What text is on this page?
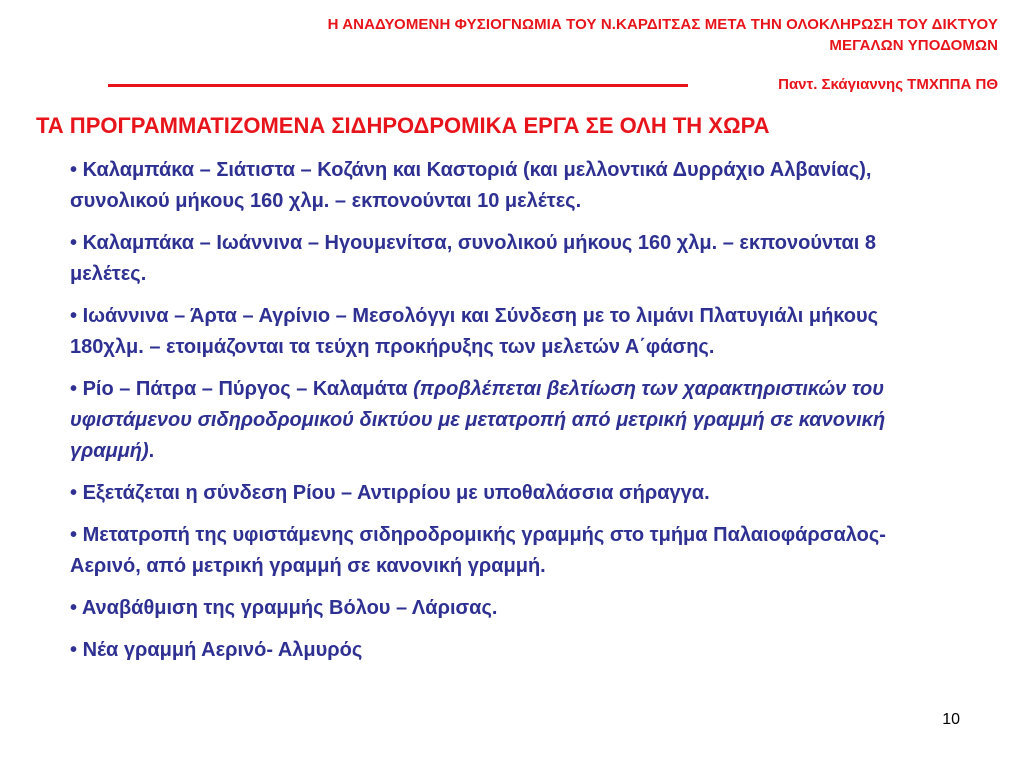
Η ΑΝΑΔΥΟΜΕΝΗ ΦΥΣΙΟΓΝΩΜΙΑ ΤΟΥ Ν.ΚΑΡΔΙΤΣΑΣ ΜΕΤΑ ΤΗΝ ΟΛΟΚΛΗΡΩΣΗ ΤΟΥ ΔΙΚΤΥΟΥ
ΜΕΓΑΛΩΝ ΥΠΟΔΟΜΩΝ
Παντ. Σκάγιαννης ΤΜΧΠΠΑ ΠΘ
ΤΑ ΠΡΟΓΡΑΜΜΑΤΙΖΟΜΕΝΑ ΣΙΔΗΡΟΔΡΟΜΙΚΑ ΕΡΓΑ ΣΕ ΟΛΗ ΤΗ ΧΩΡΑ
• Καλαμπάκα – Σιάτιστα – Κοζάνη και Καστοριά (και μελλοντικά Δυρράχιο Αλβανίας), συνολικού μήκους 160 χλμ. – εκπονούνται 10 μελέτες.
• Καλαμπάκα – Ιωάννινα – Ηγουμενίτσα, συνολικού μήκους 160 χλμ. – εκπονούνται 8 μελέτες.
• Ιωάννινα – Άρτα – Αγρίνιο – Μεσολόγγι και Σύνδεση με το λιμάνι Πλατυγιάλι μήκους 180χλμ. – ετοιμάζονται τα τεύχη προκήρυξης των μελετών Α΄φάσης.
• Ρίο – Πάτρα – Πύργος – Καλαμάτα (προβλέπεται βελτίωση των χαρακτηριστικών του υφιστάμενου σιδηροδρομικού δικτύου με μετατροπή από μετρική γραμμή σε κανονική γραμμή).
• Εξετάζεται η σύνδεση Ρίου – Αντιρρίου με υποθαλάσσια σήραγγα.
• Μετατροπή της υφιστάμενης σιδηροδρομικής γραμμής στο τμήμα Παλαιοφάρσαλος- Αερινό, από μετρική γραμμή σε κανονική γραμμή.
• Αναβάθμιση της γραμμής Βόλου – Λάρισας.
• Νέα γραμμή Αερινό- Αλμυρός
10
